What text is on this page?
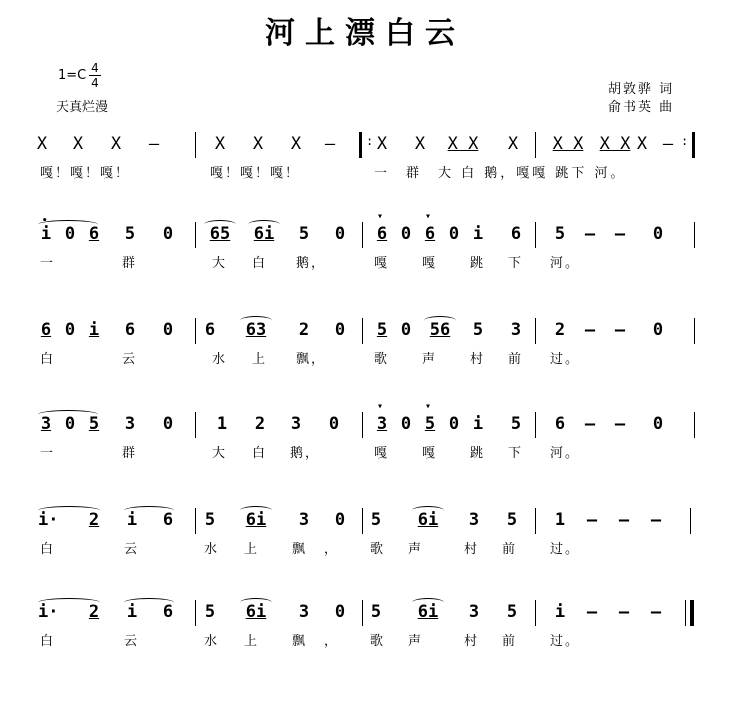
河上漂白云
1=C 4
4
天真烂漫
胡敦骅 词
俞书英 曲
X X X —	X X X —	: X X	X X	X	X X X X X — :
嘎！嘎！嘎！	嘎！嘎！嘎！	一　群　大 白 鹅，嘎嘎 跳下 河。
•
i 0 6 5 0	65	6i	5 0 6
▾
0 6
▾
0 i 6 5 — — 0
一	群	大 白 鹅，	嘎	嘎	跳 下 河。
6 0 i 6 0 6	63	2 0 5 0	56	5 3 2 — — 0
白	云	水 上 飘，	歌	声	村 前 过。
3 0 5 3 0	1 2 3 0 3
▾
0 5
▾
0 i 5 6 — — 0
一	群	大 白 鹅，	嘎	嘎	跳 下 河。
i· 2 i 6 5	6i	3 0 5	6i	3 5 1 — — —
白	云	水 上	飘 ， 歌 声	村 前	过。
i· 2 i 6 5	6i	3 0 5	6i	3 5 i — — —
白	云	水 上	飘 ， 歌 声	村 前	过。
